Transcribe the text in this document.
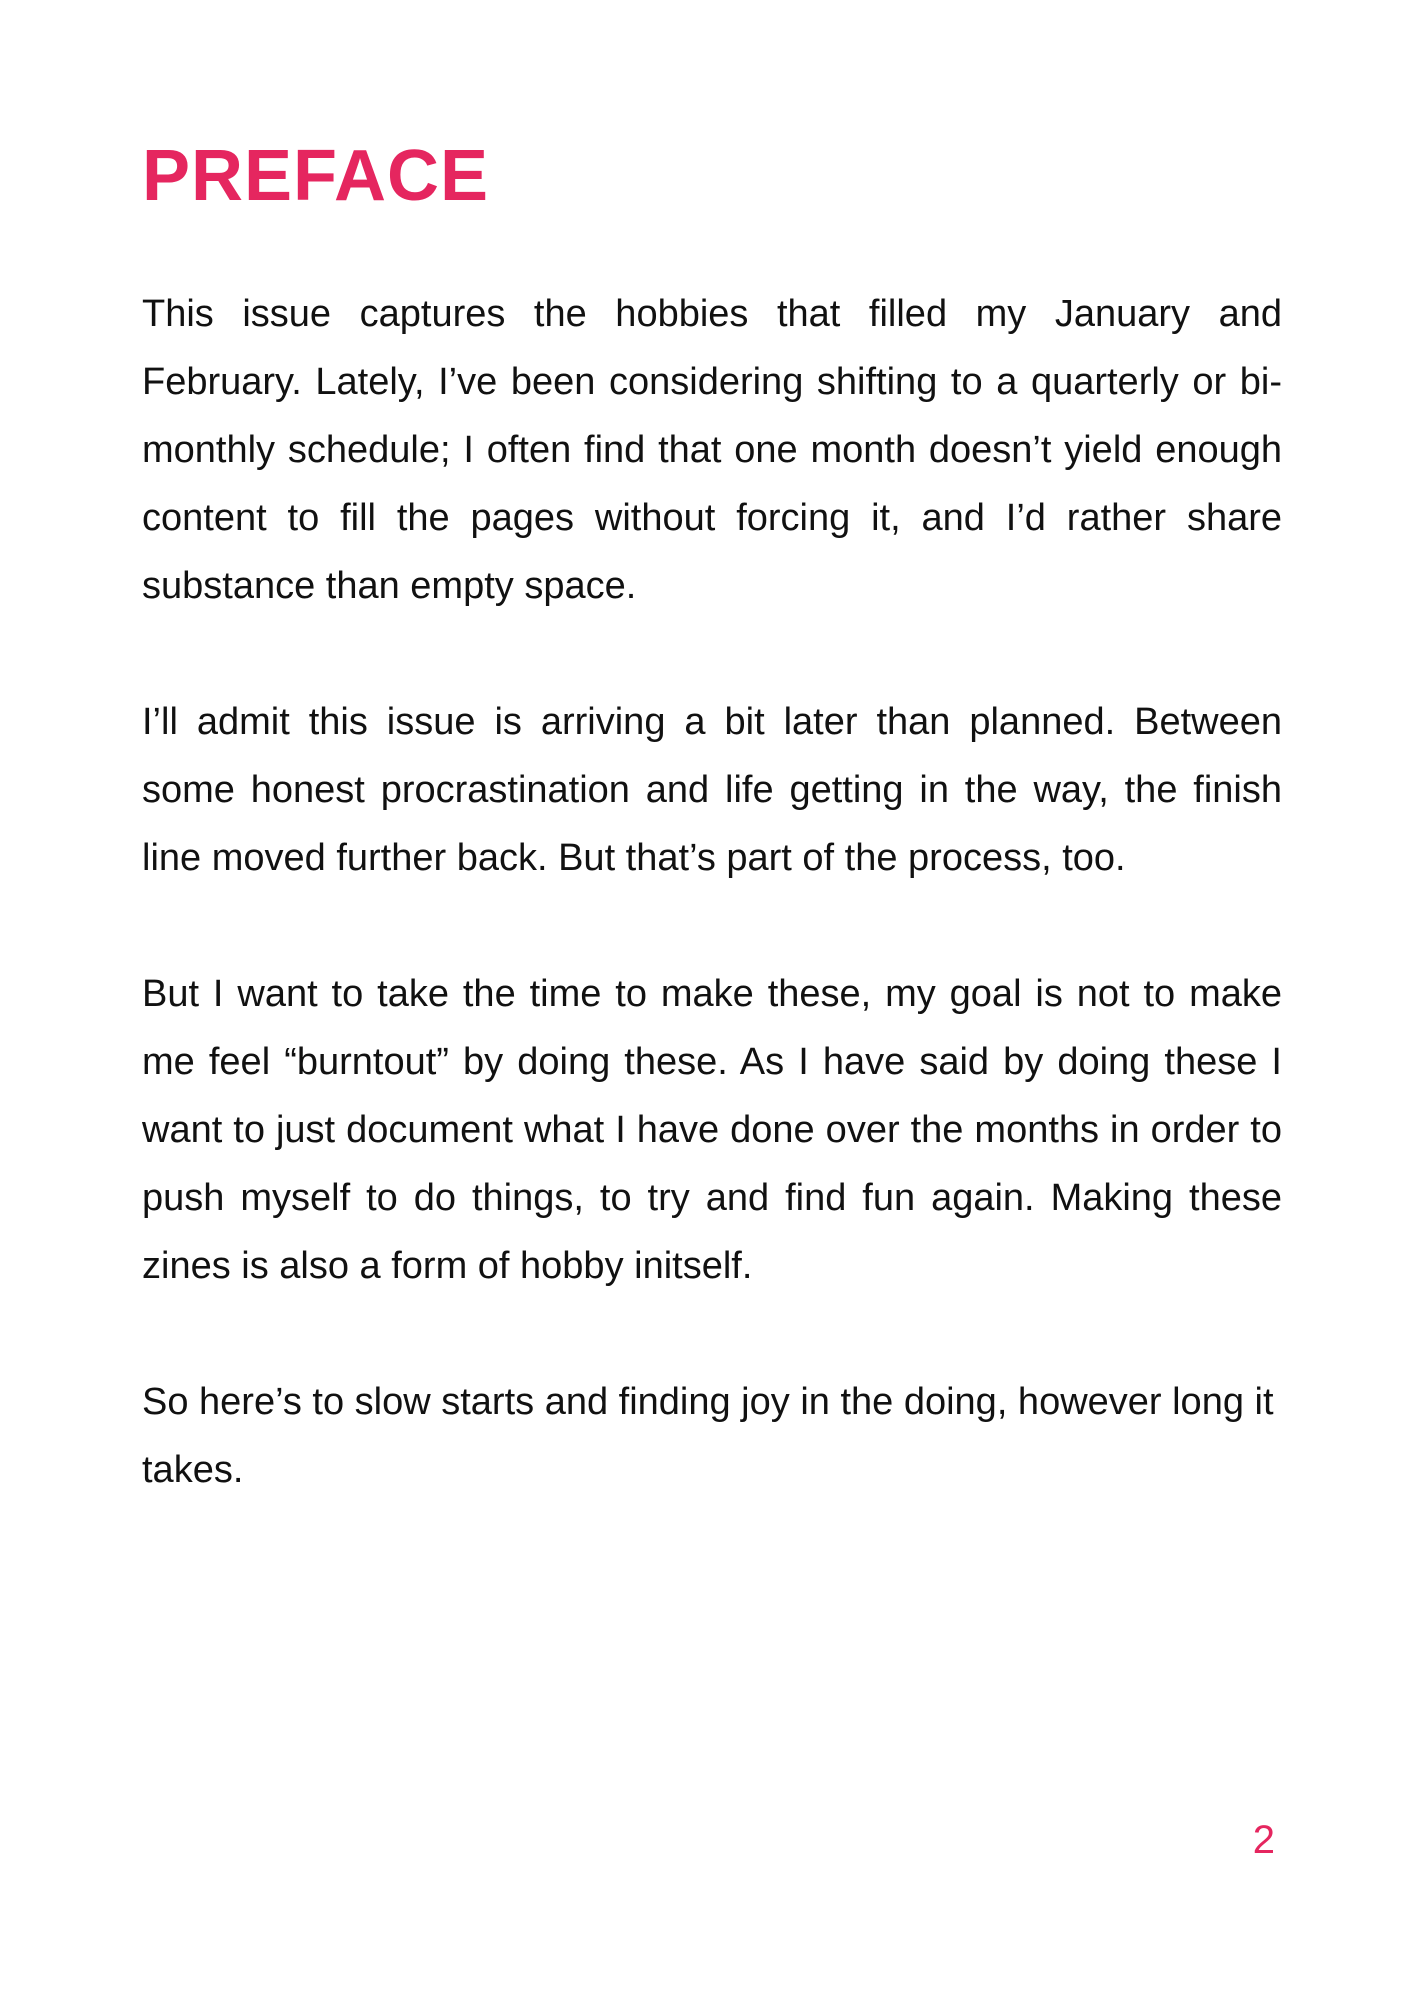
PREFACE

This issue captures the hobbies that filled my January and February. Lately, I’ve been considering shifting to a quarterly or bi-monthly schedule; I often find that one month doesn’t yield enough content to fill the pages without forcing it, and I’d rather share substance than empty space.

I’ll admit this issue is arriving a bit later than planned. Between some honest procrastination and life getting in the way, the finish line moved further back. But that’s part of the process, too.

But I want to take the time to make these, my goal is not to make me feel “burntout” by doing these. As I have said by doing these I want to just document what I have done over the months in order to push myself to do things, to try and find fun again. Making these zines is also a form of hobby initself.

So here’s to slow starts and finding joy in the doing, however long it takes.

2
